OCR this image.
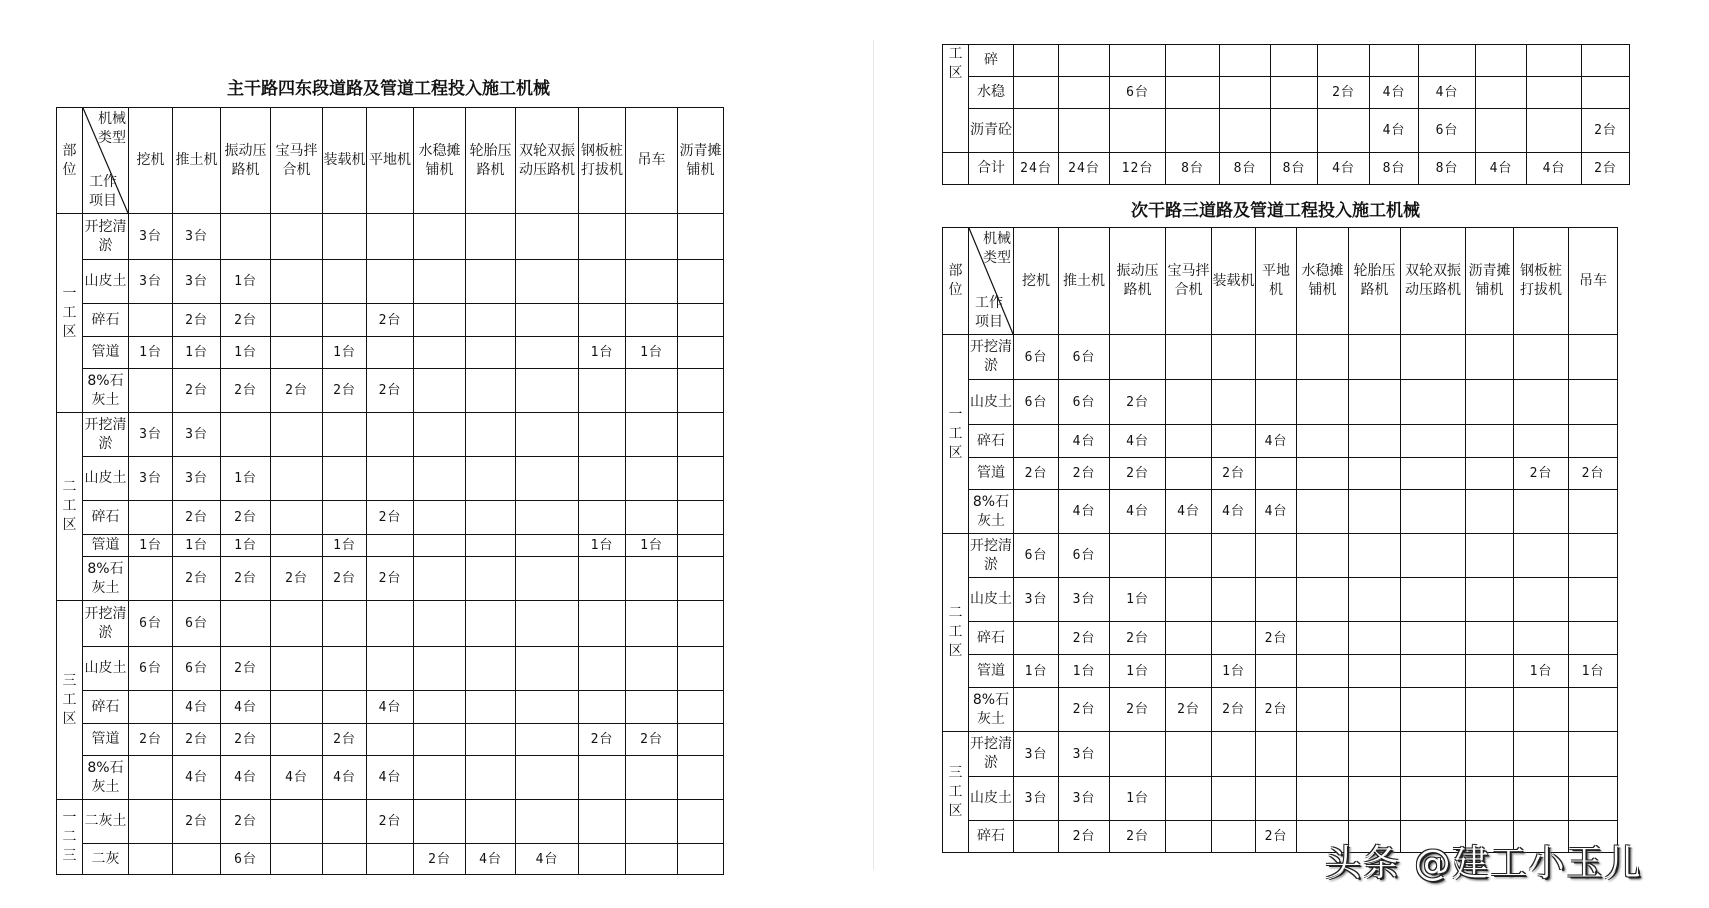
主干路四东段道路及管道工程投入施工机械
部位	机械类型
工作项目	挖机	推土机	振动压路机	宝马拌合机	装载机	平地机	水稳摊铺机	轮胎压路机	双轮双振动压路机	钢板桩打拔机	吊车	沥青摊铺机

一工区	开挖清淤	3台	3台										
	山皮土	3台	3台	1台									
	碎石		2台	2台			2台						
	管道	1台	1台	1台		1台					1台	1台	
	8%石灰土		2台	2台	2台	2台	2台						

二工区	开挖清淤	3台	3台										
	山皮土	3台	3台	1台									
	碎石		2台	2台			2台						
	管道	1台	1台	1台		1台					1台	1台	
	8%石灰土		2台	2台	2台	2台	2台						

三工区	开挖清淤	6台	6台										
	山皮土	6台	6台	2台									
	碎石		4台	4台			4台						
	管道	2台	2台	2台		2台					2台	2台	
	8%石灰土		4台	4台	4台	4台	4台						

一二三	二灰土		2台	2台			2台						
	二灰			6台				2台	4台	4台			
工区	碎												
	水稳			6台				2台	4台	4台			
	沥青砼								4台	6台			2台
	合计	24台	24台	12台	8台	8台	8台	4台	8台	8台	4台	4台	2台
次干路三道路及管道工程投入施工机械
部位	机械类型
工作项目	挖机	推土机	振动压路机	宝马拌合机	装载机	平地机	水稳摊铺机	轮胎压路机	双轮双振动压路机	沥青摊铺机	钢板桩打拔机	吊车

一工区	开挖清淤	6台	6台										
	山皮土	6台	6台	2台									
	碎石		4台	4台			4台						
	管道	2台	2台	2台		2台						2台	2台
	8%石灰土		4台	4台	4台	4台	4台						

二工区	开挖清淤	6台	6台										
	山皮土	3台	3台	1台									
	碎石		2台	2台			2台						
	管道	1台	1台	1台		1台						1台	1台
	8%石灰土		2台	2台	2台	2台	2台						

三工区	开挖清淤	3台	3台										
	山皮土	3台	3台	1台									
	碎石		2台	2台			2台						
头条 @建工小玉儿
